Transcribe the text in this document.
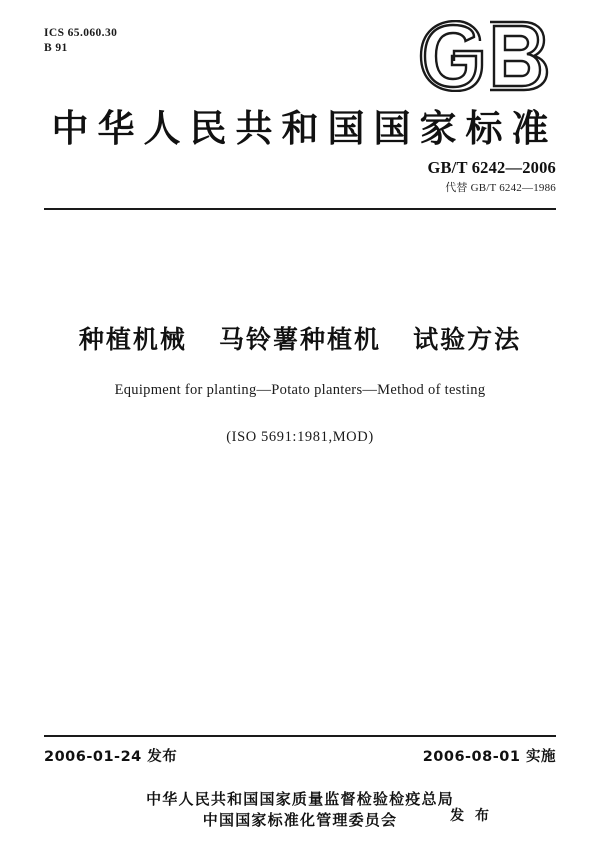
ICS 65.060.30
B 91
中华人民共和国国家标准
GB/T 6242—2006
代替 GB/T 6242—1986
种植机械   马铃薯种植机   试验方法
Equipment for planting—Potato planters—Method of testing
(ISO 5691:1981,MOD)
2006-01-24 发布	2006-08-01 实施
中华人民共和国国家质量监督检验检疫总局
中国国家标准化管理委员会	发 布
